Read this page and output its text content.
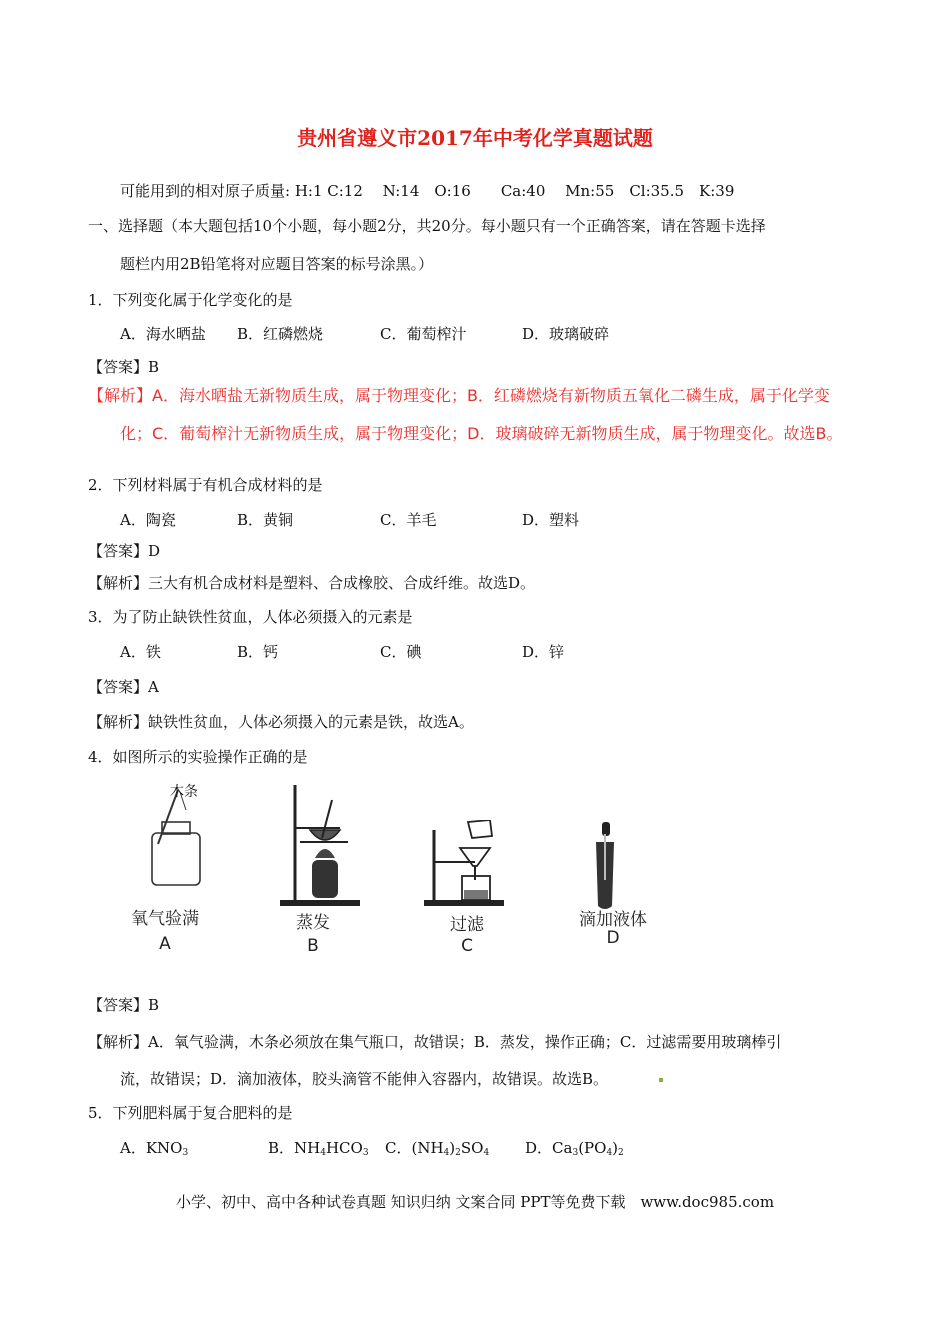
贵州省遵义市2017年中考化学真题试题
可能用到的相对原子质量: H:1 C:12　 N:14　O:16　　Ca:40　 Mn:55　Cl:35.5　K:39
一、选择题（本大题包括10个小题，每小题2分，共20分。每小题只有一个正确答案，请在答题卡选择
题栏内用2B铅笔将对应题目答案的标号涂黑。）
1．下列变化属于化学变化的是
A．海水晒盐 B．红磷燃烧	C．葡萄榨汁	D．玻璃破碎
【答案】B
【解析】A．海水晒盐无新物质生成，属于物理变化；B．红磷燃烧有新物质五氧化二磷生成，属于化学变
化；C．葡萄榨汁无新物质生成，属于物理变化；D．玻璃破碎无新物质生成，属于物理变化。故选B。
2．下列材料属于有机合成材料的是
A．陶瓷	B．黄铜	C．羊毛	D．塑料
【答案】D
【解析】三大有机合成材料是塑料、合成橡胶、合成纤维。故选D。
3．为了防止缺铁性贫血，人体必须摄入的元素是
A．铁	B．钙	C．碘	D．锌
【答案】A
【解析】缺铁性贫血，人体必须摄入的元素是铁，故选A。
4．如图所示的实验操作正确的是
木条
氧气验满
A
蒸发
B
过滤
C
滴加液体
D
【答案】B
【解析】A．氧气验满，木条必须放在集气瓶口，故错误；B．蒸发，操作正确；C．过滤需要用玻璃棒引
流，故错误；D．滴加液体，胶头滴管不能伸入容器内，故错误。故选B。
5．下列肥料属于复合肥料的是
A．$KNO_3$	B．$NH_4HCO_3$ C．$(NH_4)_2SO_4$ D．$Ca_3(PO_4)_2$
小学、初中、高中各种试卷真题 知识归纳 文案合同 PPT等免费下载　www.doc985.com
